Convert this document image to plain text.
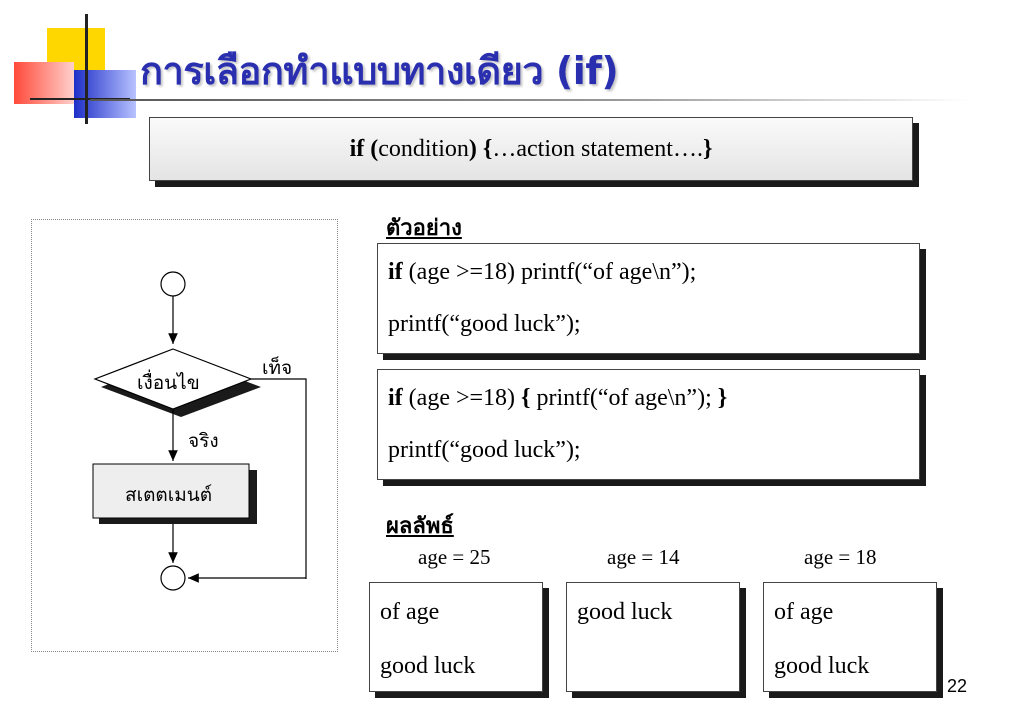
การเลือกทำแบบทางเดียว (if)
if (condition) {…action statement….}
เงื่อนไข
เท็จ
จริง
สเตตเมนต์
ตัวอย่าง
if (age >=18) printf(“of age\n”);
printf(“good luck”);
if (age >=18) { printf(“of age\n”); }
printf(“good luck”);
ผลลัพธ์
age = 25	age = 14	age = 18
of age
good luck
good luck	of age
good luck
22
